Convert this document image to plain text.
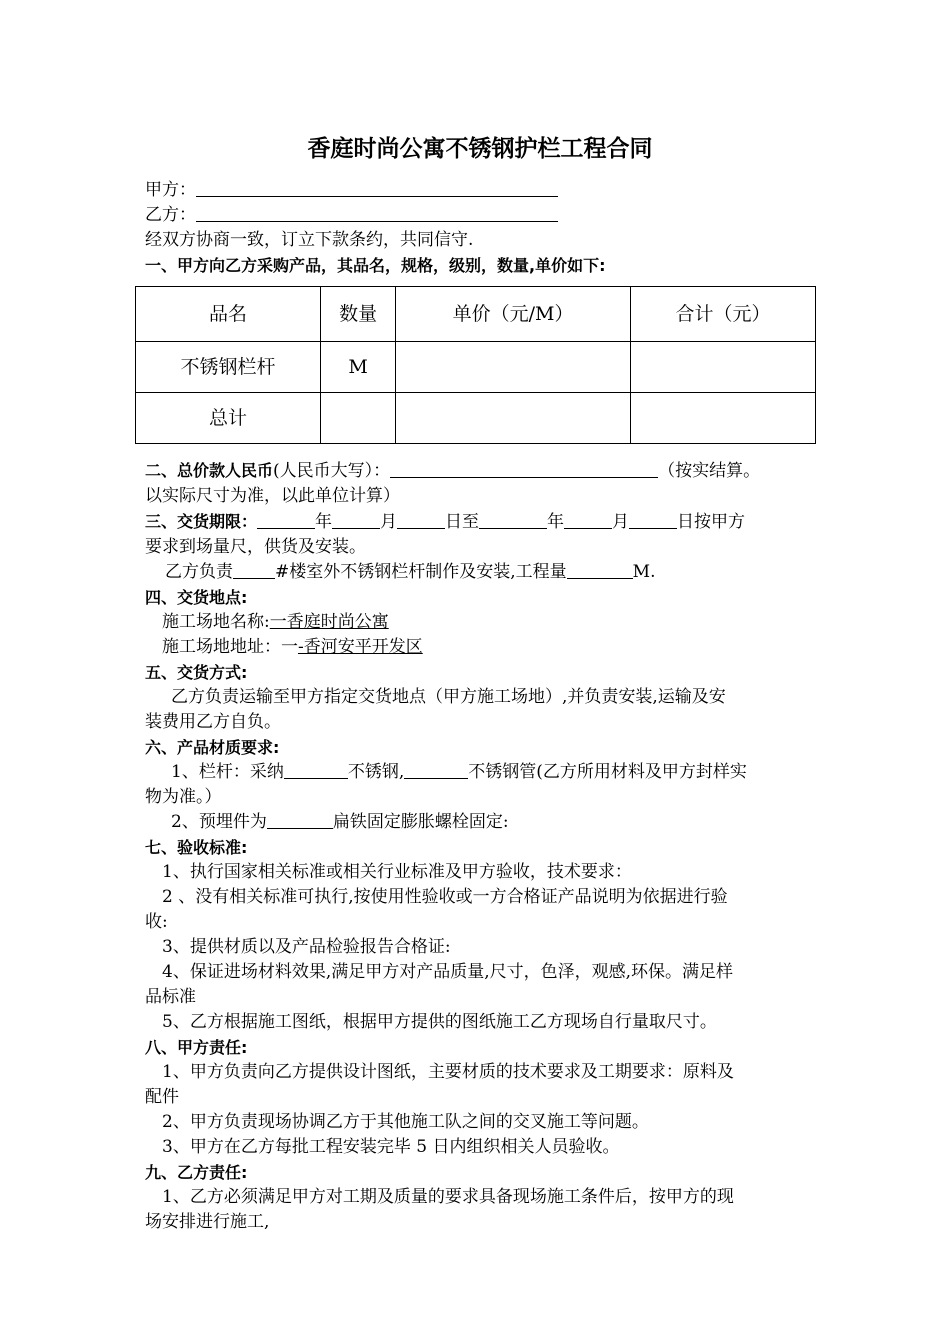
香庭时尚公寓不锈钢护栏工程合同
甲方：
乙方：
经双方协商一致，订立下款条约，共同信守.
一、甲方向乙方采购产品，其品名，规格，级别，数量,单价如下:
品名	数量	单价（元/M）	合计（元）
不锈钢栏杆	M		
总计			
二、总价款人民币(人民币大写）：	（按实结算。
以实际尺寸为准，以此单位计算）
三、交货期限：	年	月	日至	年	月	日按甲方
要求到场量尺，供货及安装。
乙方负责 #楼室外不锈钢栏杆制作及安装,工程量	M.
四、交货地点:
施工场地名称:一香庭时尚公寓
施工场地地址：一-香河安平开发区
五、交货方式:
乙方负责运输至甲方指定交货地点（甲方施工场地）,并负责安装,运输及安
装费用乙方自负。
六、产品材质要求:
1、栏杆：采纳	不锈钢,	不锈钢管(乙方所用材料及甲方封样实
物为准。）
2、预埋件为	扁铁固定膨胀螺栓固定:
七、验收标准:
1、执行国家相关标准或相关行业标准及甲方验收，技术要求：
2 、没有相关标准可执行,按使用性验收或一方合格证产品说明为依据进行验
收:
3、提供材质以及产品检验报告合格证:
4、保证进场材料效果,满足甲方对产品质量,尺寸，色泽，观感,环保。满足样
品标准
5、乙方根据施工图纸，根据甲方提供的图纸施工乙方现场自行量取尺寸。
八、甲方责任:
1、甲方负责向乙方提供设计图纸，主要材质的技术要求及工期要求：原料及
配件
2、甲方负责现场协调乙方于其他施工队之间的交叉施工等问题。
3、甲方在乙方每批工程安装完毕 5 日内组织相关人员验收。
九、乙方责任:
1、乙方必须满足甲方对工期及质量的要求具备现场施工条件后，按甲方的现
场安排进行施工,
